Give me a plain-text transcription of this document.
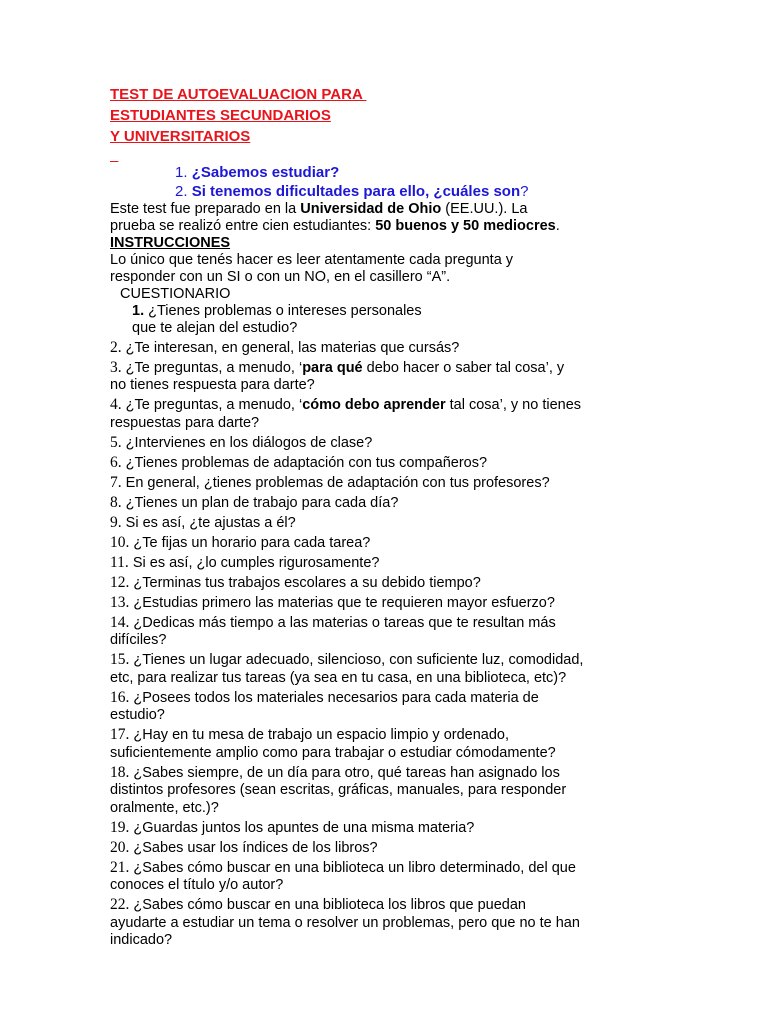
TEST DE AUTOEVALUACION PARA
ESTUDIANTES SECUNDARIOS
Y UNIVERSITARIOS

1. ¿Sabemos estudiar?
2. Si tenemos dificultades para ello, ¿cuáles son?
Este test fue preparado en la Universidad de Ohio (EE.UU.). La
prueba se realizó entre cien estudiantes: 50 buenos y 50 mediocres.
INSTRUCCIONES
Lo único que tenés hacer es leer atentamente cada pregunta y
responder con un SI o con un NO, en el casillero “A”.
CUESTIONARIO
1. ¿Tienes problemas o intereses personales
que te alejan del estudio?
2. ¿Te interesan, en general, las materias que cursás?
3. ¿Te preguntas, a menudo, ‘para qué debo hacer o saber tal cosa’, y
no tienes respuesta para darte?
4. ¿Te preguntas, a menudo, ‘cómo debo aprender tal cosa’, y no tienes
respuestas para darte?
5. ¿Intervienes en los diálogos de clase?
6. ¿Tienes problemas de adaptación con tus compañeros?
7. En general, ¿tienes problemas de adaptación con tus profesores?
8. ¿Tienes un plan de trabajo para cada día?
9. Si es así, ¿te ajustas a él?
10. ¿Te fijas un horario para cada tarea?
11. Si es así, ¿lo cumples rigurosamente?
12. ¿Terminas tus trabajos escolares a su debido tiempo?
13. ¿Estudias primero las materias que te requieren mayor esfuerzo?
14. ¿Dedicas más tiempo a las materias o tareas que te resultan más
difíciles?
15. ¿Tienes un lugar adecuado, silencioso, con suficiente luz, comodidad,
etc, para realizar tus tareas (ya sea en tu casa, en una biblioteca, etc)?
16. ¿Posees todos los materiales necesarios para cada materia de
estudio?
17. ¿Hay en tu mesa de trabajo un espacio limpio y ordenado,
suficientemente amplio como para trabajar o estudiar cómodamente?
18. ¿Sabes siempre, de un día para otro, qué tareas han asignado los
distintos profesores (sean escritas, gráficas, manuales, para responder
oralmente, etc.)?
19. ¿Guardas juntos los apuntes de una misma materia?
20. ¿Sabes usar los índices de los libros?
21. ¿Sabes cómo buscar en una biblioteca un libro determinado, del que
conoces el título y/o autor?
22. ¿Sabes cómo buscar en una biblioteca los libros que puedan
ayudarte a estudiar un tema o resolver un problemas, pero que no te han
indicado?
